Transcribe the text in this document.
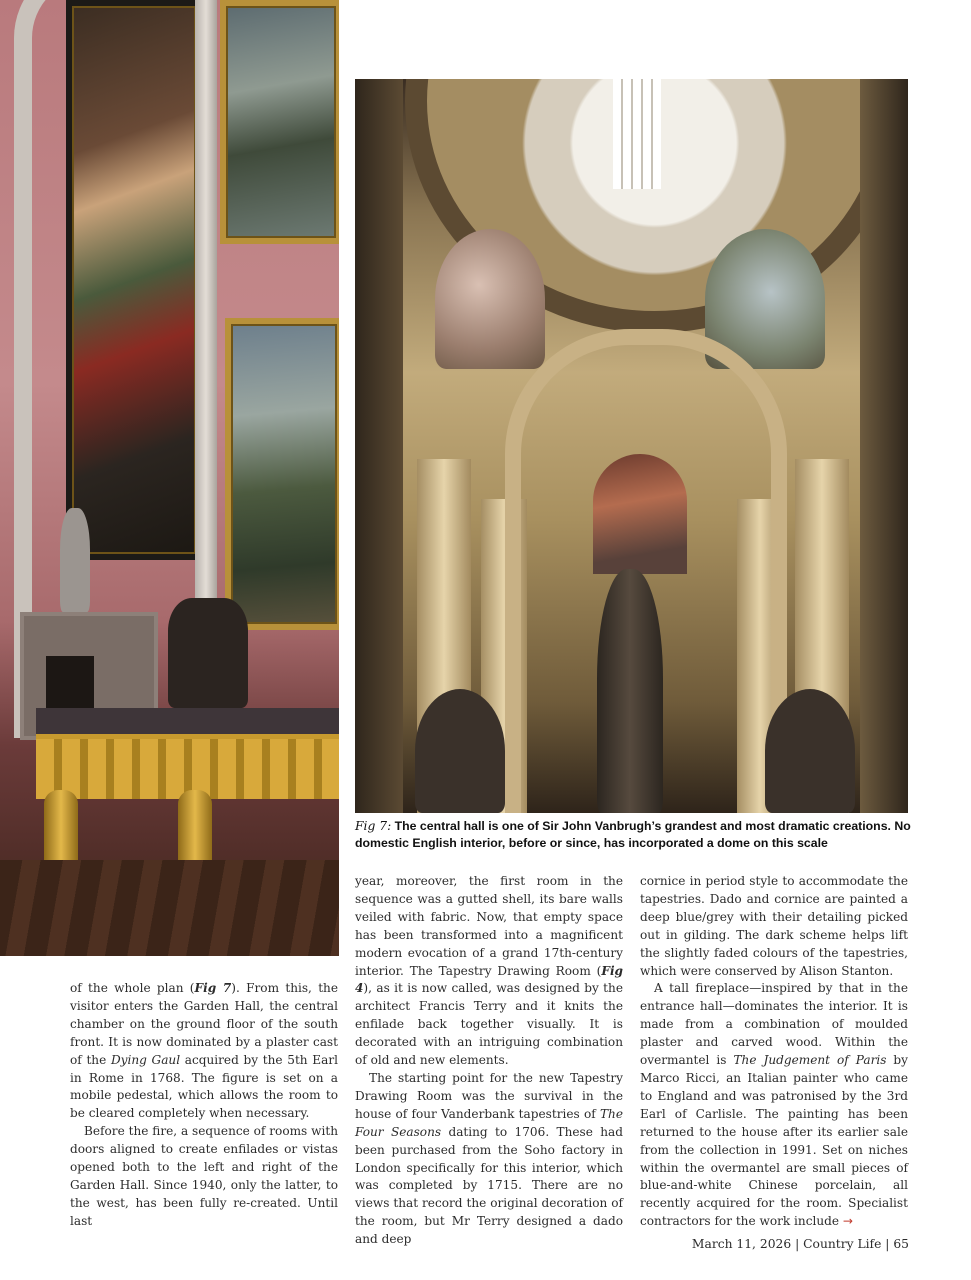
Fig 7: The central hall is one of Sir John Vanbrugh’s grandest and most dramatic creations. No domestic English interior, before or since, has incorporated a dome on this scale

of the whole plan (Fig 7). From this, the visitor enters the Garden Hall, the central chamber on the ground floor of the south front. It is now dominated by a plaster cast of the Dying Gaul acquired by the 5th Earl in Rome in 1768. The figure is set on a mobile pedestal, which allows the room to be cleared completely when necessary.

Before the fire, a sequence of rooms with doors aligned to create enfilades or vistas opened both to the left and right of the Garden Hall. Since 1940, only the latter, to the west, has been fully re-created. Until last

year, moreover, the first room in the sequence was a gutted shell, its bare walls veiled with fabric. Now, that empty space has been transformed into a magnificent modern evocation of a grand 17th-century interior. The Tapestry Drawing Room (Fig 4), as it is now called, was designed by the architect Francis Terry and it knits the enfilade back together visually. It is decorated with an intriguing combination of old and new elements.

The starting point for the new Tapestry Drawing Room was the survival in the house of four Vanderbank tapestries of The Four Seasons dating to 1706. These had been purchased from the Soho factory in London specifically for this interior, which was completed by 1715. There are no views that record the original decoration of the room, but Mr Terry designed a dado and deep

cornice in period style to accommodate the tapestries. Dado and cornice are painted a deep blue/grey with their detailing picked out in gilding. The dark scheme helps lift the slightly faded colours of the tapestries, which were conserved by Alison Stanton.

A tall fireplace—inspired by that in the entrance hall—dominates the interior. It is made from a combination of moulded plaster and carved wood. Within the overmantel is The Judgement of Paris by Marco Ricci, an Italian painter who came to England and was patronised by the 3rd Earl of Carlisle. The painting has been returned to the house after its earlier sale from the collection in 1991. Set on niches within the overmantel are small pieces of blue-and-white Chinese porcelain, all recently acquired for the room. Specialist contractors for the work include →

March 11, 2026 | Country Life | 65
